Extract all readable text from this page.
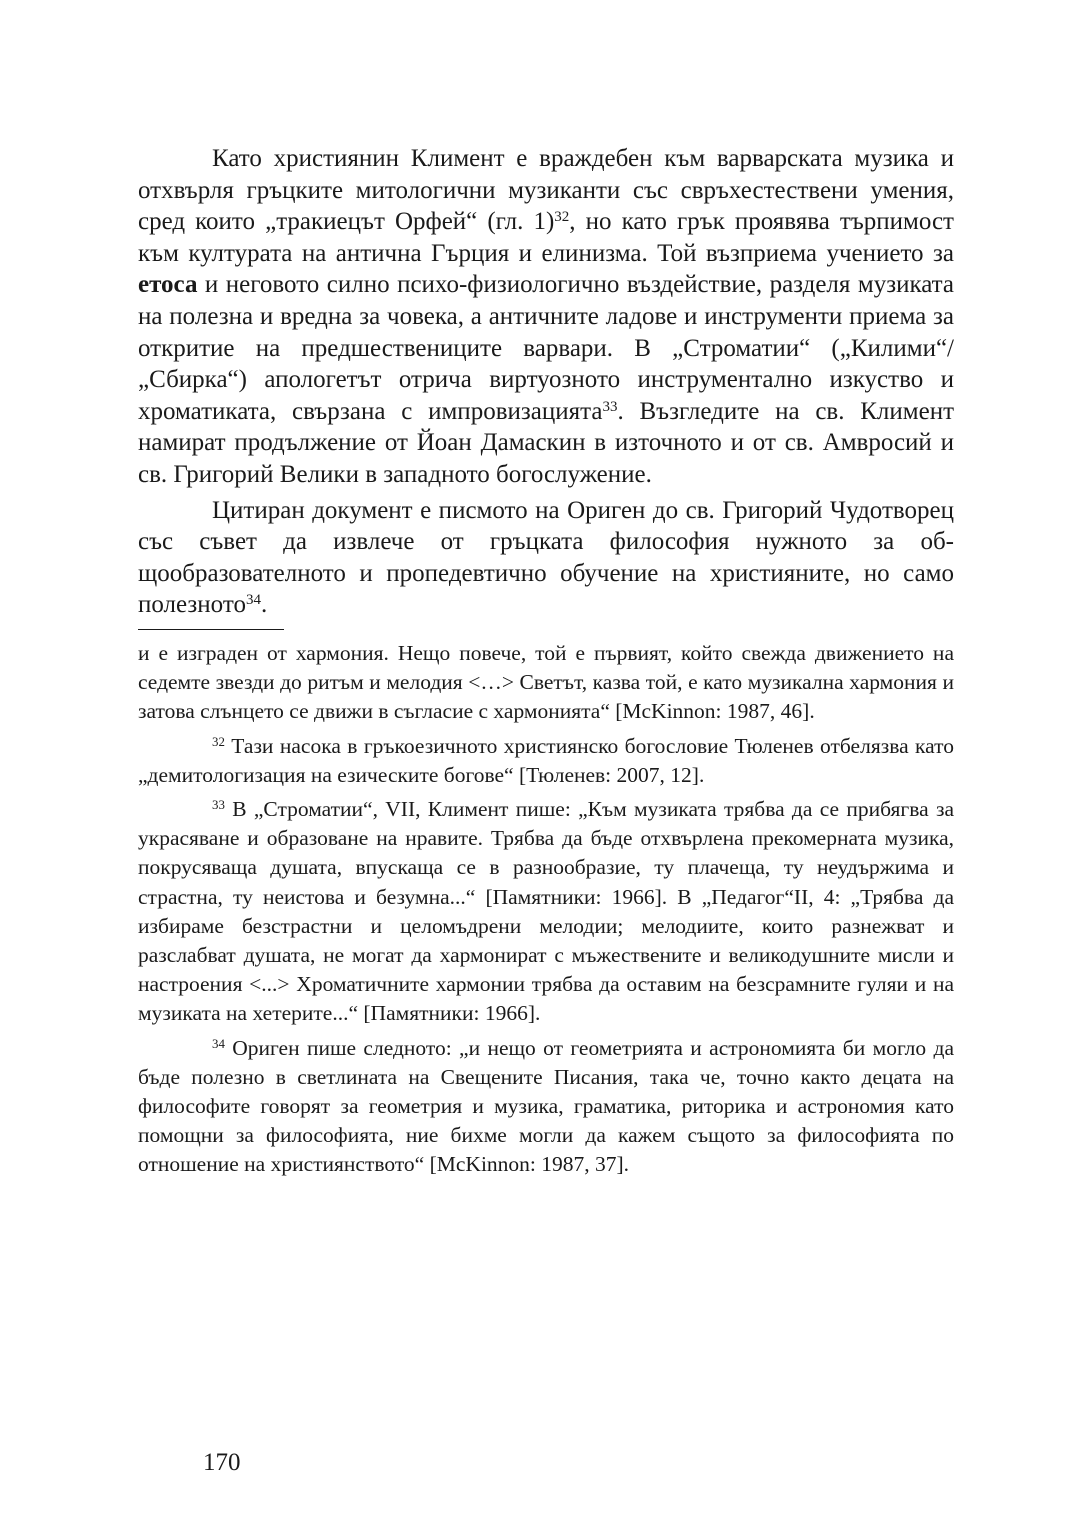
Като християнин Климент е враждебен към варварската музика и отхвърля гръцките митологични музиканти със свръхестествени умения, сред които „тракиецът Орфей“ (гл. 1)$^{32}$, но като грък проявява търпимост към културата на антична Гърция и елинизма. Той възприема учението за етоса и неговото силно психо-физиологично въздействие, разделя музиката на полезна и вредна за човека, а античните ладове и инструменти приема за откритие на предшествениците варвари. В „Строматии“ („Килими“/„Сбирка“) апологетът отрича виртуозното инструментално изкуство и хроматиката, свързана с импровизацията$^{33}$. Възгледите на св. Климент намират продължение от Йоан Дамаскин в източното и от св. Амвросий и св. Григорий Велики в западното богослужение.

Цитиран документ е писмото на Ориген до св. Григорий Чудотворец със съвет да извлече от гръцката философия нужното за общообразователното и пропедевтично обучение на християните, но само полезното$^{34}$.

и е изграден от хармония. Нещо повече, той е първият, който свежда движението на седемте звезди до ритъм и мелодия <…> Светът, казва той, е като музикална хармония и затова слънцето се движи в съгласие с хармонията“ [McKinnon: 1987, 46].

$^{32}$ Тази насока в гръкоезичното християнско богословие Тюленев отбелязва като „демитологизация на езическите богове“ [Тюленев: 2007, 12].

$^{33}$ В „Строматии“, VII, Климент пише: „Към музиката трябва да се прибягва за украсяване и образоване на нравите. Трябва да бъде отхвърлена прекомерната музика, покрусяваща душата, впускаща се в разнообразие, ту плачеща, ту неудържима и страстна, ту неистова и безумна...“ [Памятники: 1966]. В „Педагог“II, 4: „Трябва да избираме безстрастни и целомъдрени мелодии; мелодиите, които разнежват и разслабват душата, не могат да хармонират с мъжествените и великодушните мисли и настроения <...> Хроматичните хармонии трябва да оставим на безсрамните гуляи и на музиката на хетерите...“ [Памятники: 1966].

$^{34}$ Ориген пише следното: „и нещо от геометрията и астрономията би могло да бъде полезно в светлината на Свещените Писания, така че, точно както децата на философите говорят за геометрия и музика, граматика, риторика и астрономия като помощни за философията, ние бихме могли да кажем същото за философията по отношение на християнството“ [McKinnon: 1987, 37].

170
